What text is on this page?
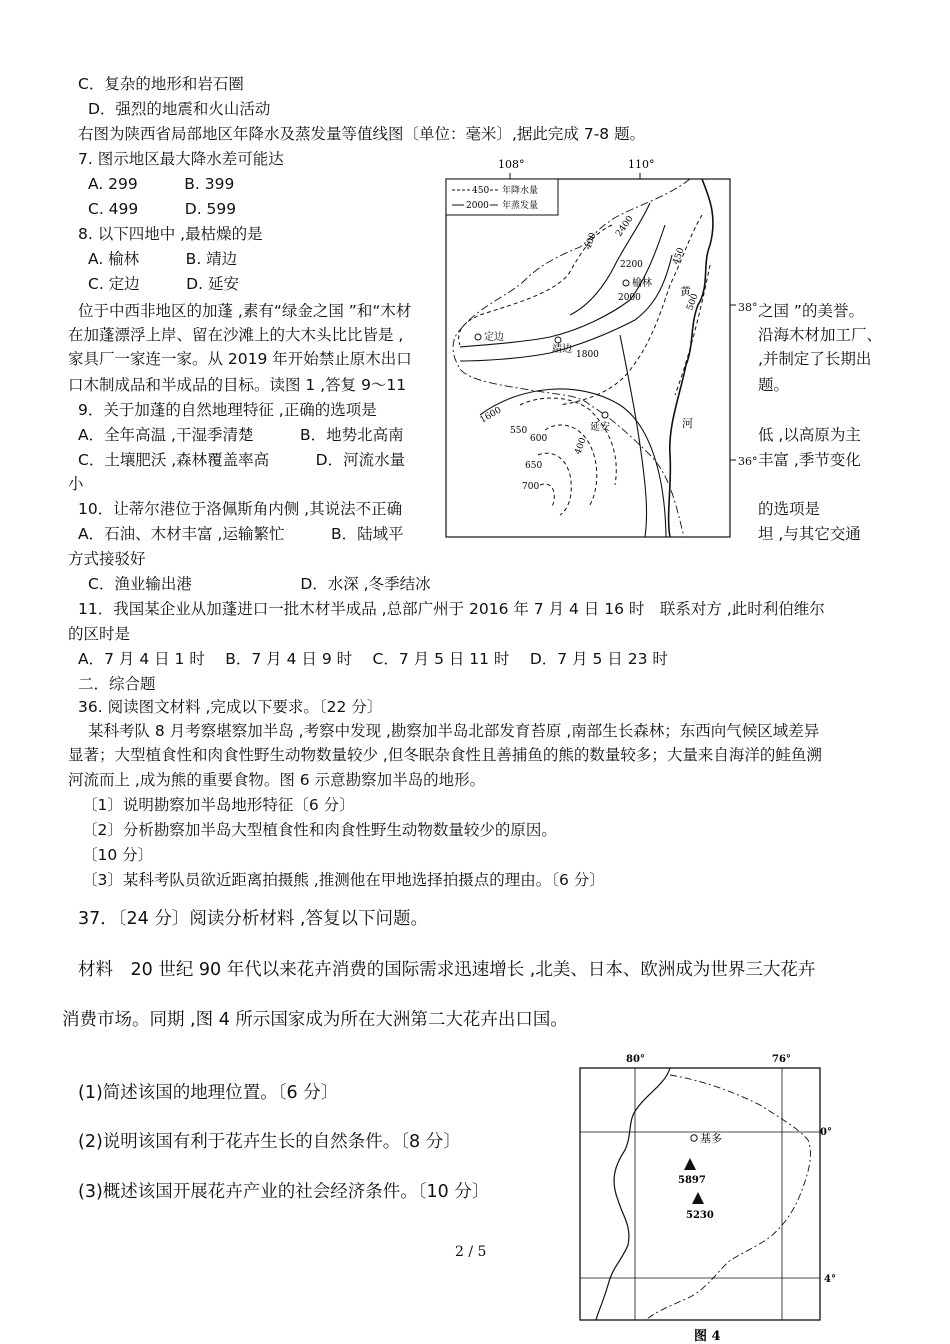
C．复杂的地形和岩石圈
D．强烈的地震和火山活动
右图为陕西省局部地区年降水及蒸发量等值线图〔单位：毫米〕,据此完成 7-8 题。
7. 图示地区最大降水差可能达
A. 299　　　B. 399
C. 499　　　D. 599
8. 以下四地中 ,最枯燥的是
A. 榆林　　　B. 靖边
C. 定边　　　D. 延安
位于中西非地区的加蓬 ,素有“绿金之国 ”和“木材	之国 ”的美誉。
在加蓬漂浮上岸、留在沙滩上的大木头比比皆是 ,	沿海木材加工厂、
家具厂一家连一家。从 2019 年开始禁止原木出口	,并制定了长期出
口木制成品和半成品的目标。读图 1 ,答复 9～11	题。
9．关于加蓬的自然地理特征 ,正确的选项是
A．全年高温 ,干湿季清楚　　　B．地势北高南	低 ,以高原为主
C．土壤肥沃 ,森林覆盖率高　　　D．河流水量	丰富 ,季节变化
小
10．让蒂尔港位于洛佩斯角内侧 ,其说法不正确	的选项是
A．石油、木材丰富 ,运输繁忙　　　B．陆域平	坦 ,与其它交通
方式接驳好
C．渔业输出港　　　　　　　D．水深 ,冬季结冰
11．我国某企业从加蓬进口一批木材半成品 ,总部广州于 2016 年 7 月 4 日 16 时　联系对方 ,此时利伯维尔
的区时是
A．7 月 4 日 1 时　 B．7 月 4 日 9 时　 C．7 月 5 日 11 时　 D．7 月 5 日 23 时
二．综合题
36. 阅读图文材料 ,完成以下要求。〔22 分〕
某科考队 8 月考察堪察加半岛 ,考察中发现 ,勘察加半岛北部发育苔原 ,南部生长森林；东西向气候区域差异
显著；大型植食性和肉食性野生动物数量较少 ,但冬眠杂食性且善捕鱼的熊的数量较多；大量来自海洋的鲑鱼溯
河流而上 ,成为熊的重要食物。图 6 示意勘察加半岛的地形。
〔1〕说明勘察加半岛地形特征〔6 分〕
〔2〕分析勘察加半岛大型植食性和肉食性野生动物数量较少的原因。
〔10 分〕
〔3〕某科考队员欲近距离拍摄熊 ,推测他在甲地选择拍摄点的理由。〔6 分〕
37．〔24 分〕阅读分析材料 ,答复以下问题。
材料　20 世纪 90 年代以来花卉消费的国际需求迅速增长 ,北美、日本、欧洲成为世界三大花卉
消费市场。同期 ,图 4 所示国家成为所在大洲第二大花卉出口国。
(1)简述该国的地理位置。〔6 分〕
(2)说明该国有利于花卉生长的自然条件。〔8 分〕
(3)概述该国开展花卉产业的社会经济条件。〔10 分〕
108°	110°
450 年降水量
2000 年蒸发量
榆林
定边
靖边
延安
黄
河
400
2400
2200
2000
450
500
1800
1600
550
600
650
700
400
38°
36°
80°	76°
0°
4°
基多
5897
5230
图 4
2 / 5
